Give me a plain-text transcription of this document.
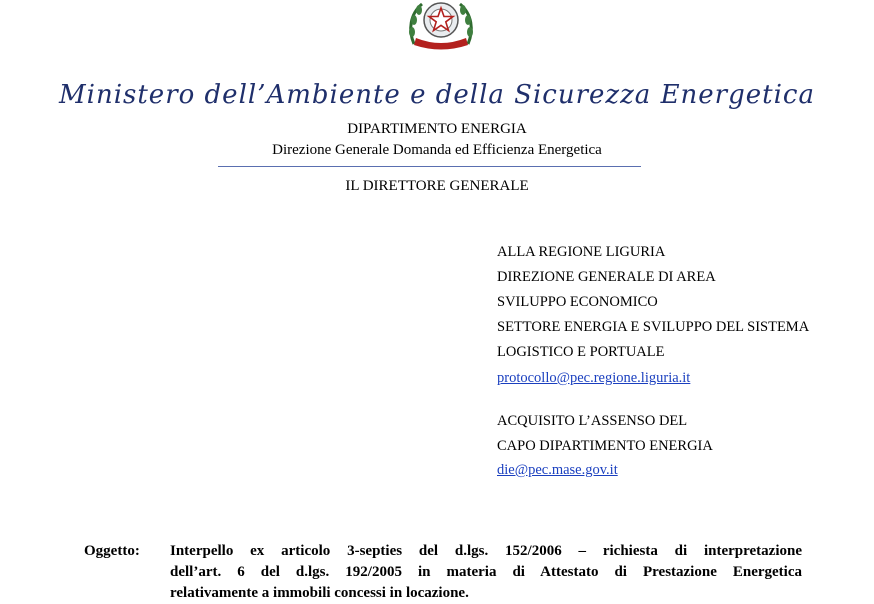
Ministero dell’Ambiente e della Sicurezza Energetica
DIPARTIMENTO ENERGIA
Direzione Generale Domanda ed Efficienza Energetica
IL DIRETTORE GENERALE
ALLA REGIONE LIGURIA
DIREZIONE GENERALE DI AREA
SVILUPPO ECONOMICO
SETTORE ENERGIA E SVILUPPO DEL SISTEMA
LOGISTICO E PORTUALE
protocollo@pec.regione.liguria.it
ACQUISITO L’ASSENSO DEL
CAPO DIPARTIMENTO ENERGIA
die@pec.mase.gov.it
Oggetto: Interpello ex articolo 3-septies del d.lgs. 152/2006 – richiesta di interpretazione
dell’art. 6 del d.lgs. 192/2005 in materia di Attestato di Prestazione Energetica
relativamente a immobili concessi in locazione.
